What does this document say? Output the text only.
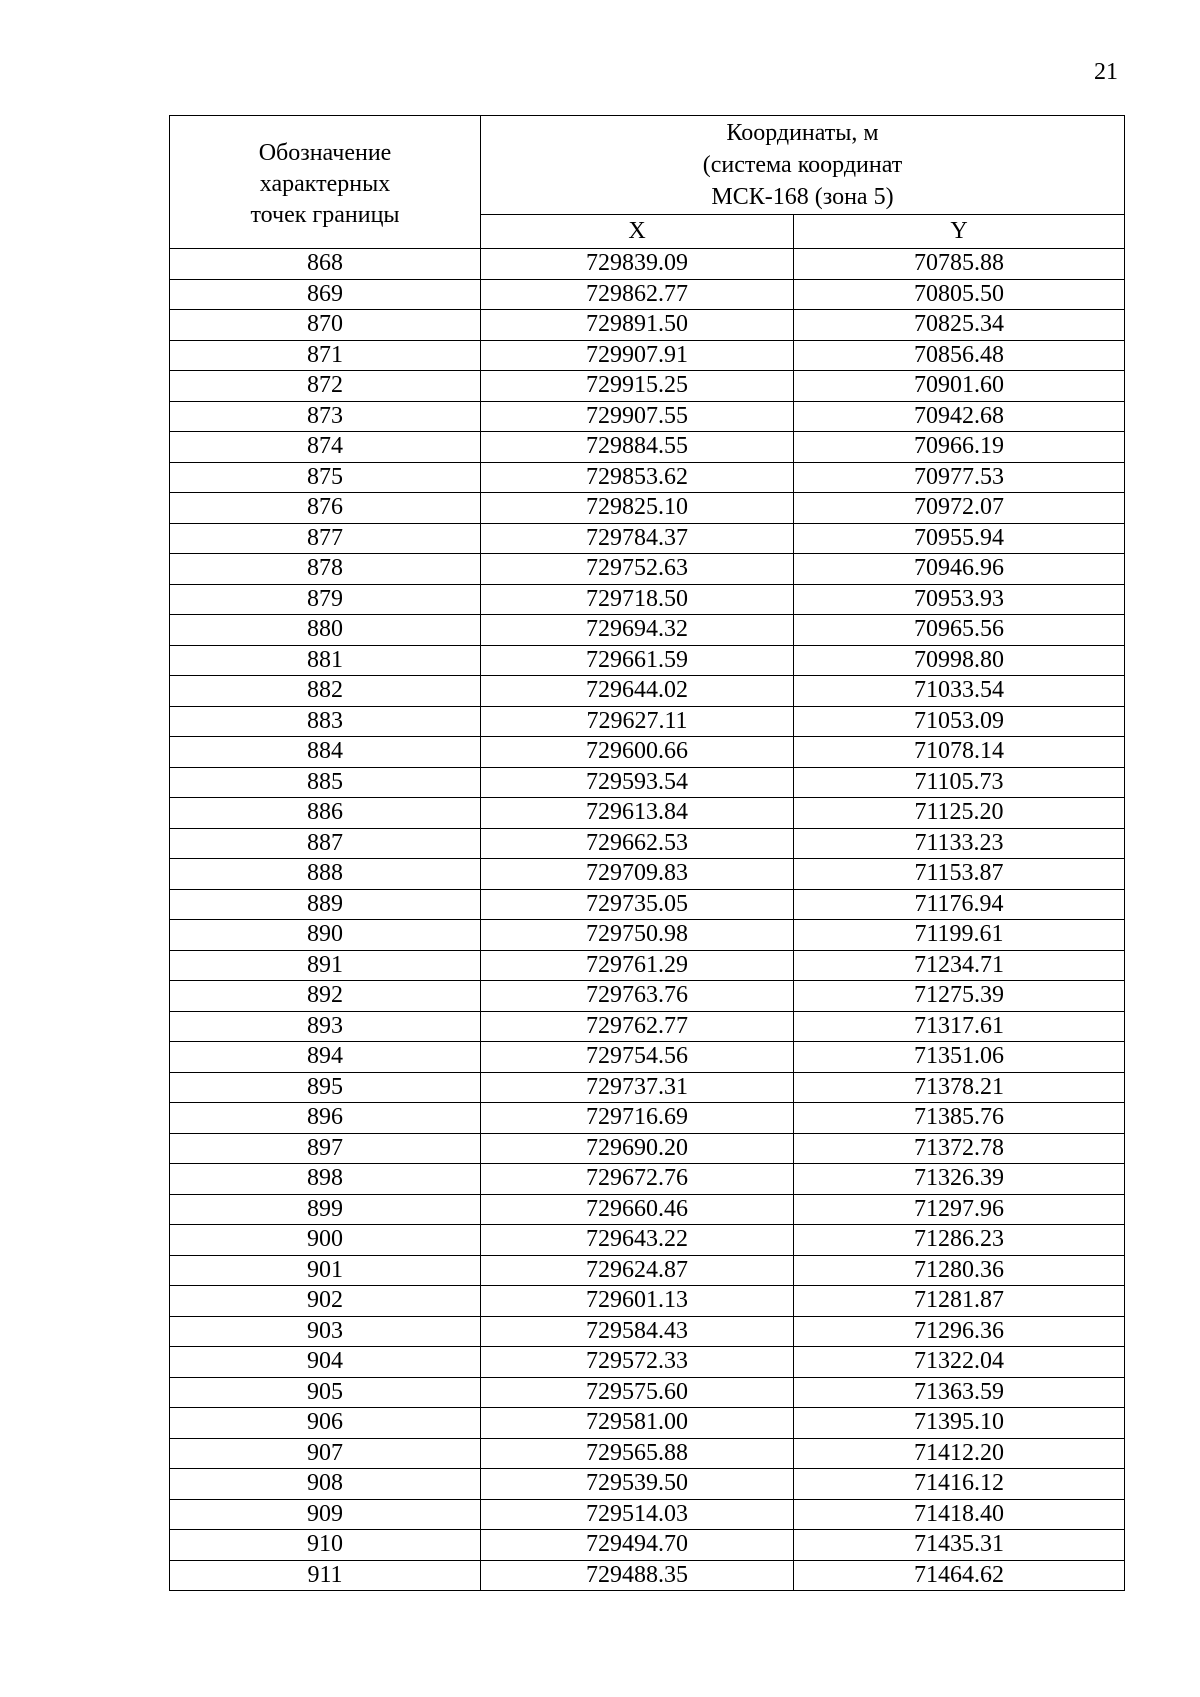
21
Обозначение
характерных
точек границы	Координаты, м
(система координат
МСК-168 (зона 5)	

	X	Y
868	729839.09	70785.88
869	729862.77	70805.50
870	729891.50	70825.34
871	729907.91	70856.48
872	729915.25	70901.60
873	729907.55	70942.68
874	729884.55	70966.19
875	729853.62	70977.53
876	729825.10	70972.07
877	729784.37	70955.94
878	729752.63	70946.96
879	729718.50	70953.93
880	729694.32	70965.56
881	729661.59	70998.80
882	729644.02	71033.54
883	729627.11	71053.09
884	729600.66	71078.14
885	729593.54	71105.73
886	729613.84	71125.20
887	729662.53	71133.23
888	729709.83	71153.87
889	729735.05	71176.94
890	729750.98	71199.61
891	729761.29	71234.71
892	729763.76	71275.39
893	729762.77	71317.61
894	729754.56	71351.06
895	729737.31	71378.21
896	729716.69	71385.76
897	729690.20	71372.78
898	729672.76	71326.39
899	729660.46	71297.96
900	729643.22	71286.23
901	729624.87	71280.36
902	729601.13	71281.87
903	729584.43	71296.36
904	729572.33	71322.04
905	729575.60	71363.59
906	729581.00	71395.10
907	729565.88	71412.20
908	729539.50	71416.12
909	729514.03	71418.40
910	729494.70	71435.31
911	729488.35	71464.62
